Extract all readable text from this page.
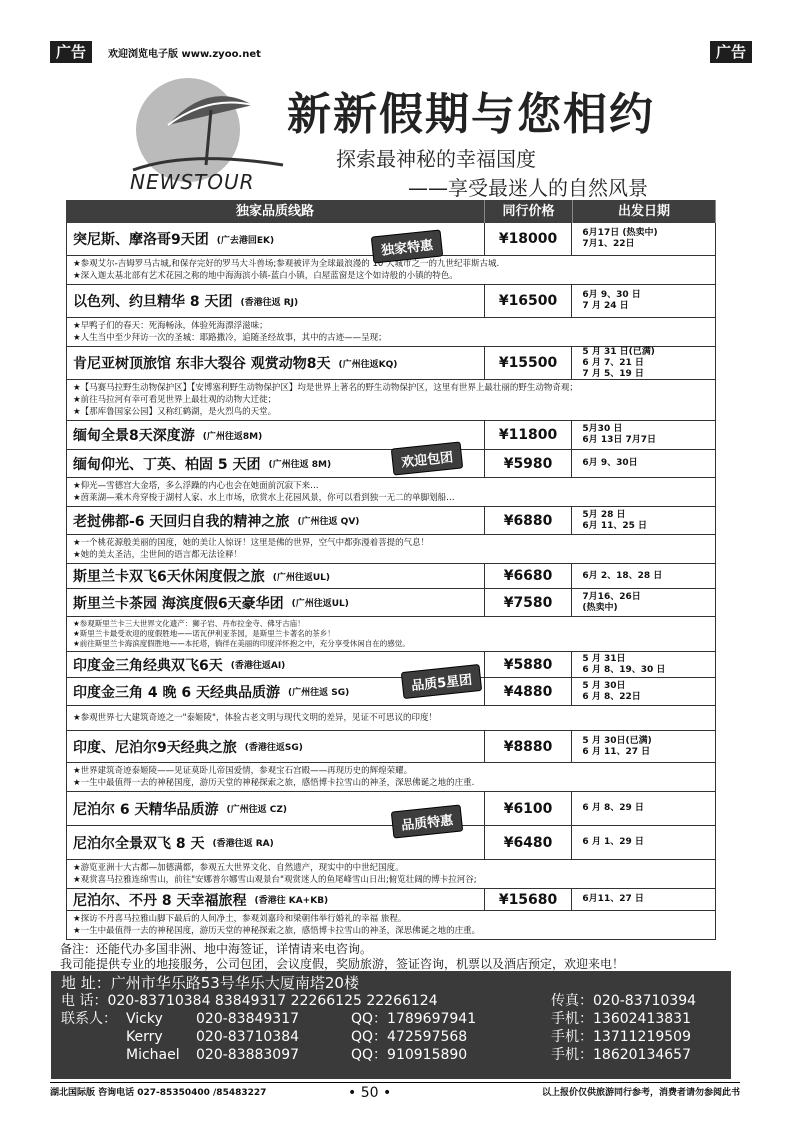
广告	欢迎浏览电子版 www.zyoo.net	广告
NEWSTOUR
新新假期与您相约
探索最神秘的幸福国度
——享受最迷人的自然风景
独家品质线路	同行价格	出发日期
突尼斯、摩洛哥9天团 (广去港回EK)	¥18000	6月17日 (热卖中)
7月1、22日
★参观艾尔-吉姆罗马古城,和保存完好的罗马大斗兽场;参观被评为全球最浪漫的 10 大城市之一的九世纪菲斯古城.
★深入迦太基北部有艺术花园之称的地中海海滨小镇-蓝白小镇，白屋蓝窗是这个如诗般的小镇的特色。
以色列、约旦精华 8 天团 (香港往返 RJ)	¥16500	6月 9、30 日
7 月 24 日
★早鸭子们的春天：死海畅泳，体验死海漂浮滋味；
★人生当中至少拜访一次的圣城：耶路撒冷，追随圣经故事，其中的古迹——呈现；
肯尼亚树顶旅馆 东非大裂谷 观赏动物8天 (广州往返KQ)	¥15500
5 月 31 日(已满)
6 月 7、21 日
7 月 5、19 日
★【马赛马拉野生动物保护区】【安博塞利野生动物保护区】均是世界上著名的野生动物保护区，这里有世界上最壮丽的野生动物奇观；
★前往马拉河有幸可看见世界上最壮观的动物大迁徙；
★【那库鲁国家公园】又称红鹤湖，是火烈鸟的天堂。
缅甸全景8天深度游 (广州往返8M)	¥11800	5月30 日
6月 13日 7月7日
缅甸仰光、丁英、柏固 5 天团 (广州往返 8M)	¥5980	6月 9、30日
★仰光—雪德宫大金塔，多么浮躁的内心也会在她面前沉寂下来…
★茵莱湖—乘木舟穿梭于湖村人家、水上市场，欣赏水上花园风景，你可以看到独一无二的单脚划船…
老挝佛都-6 天回归自我的精神之旅 (广州往返 QV)	¥6880	5月 28 日
6月 11、25 日
★一个桃花源般美丽的国度，她的美让人惊讶！这里是佛的世界，空气中都弥漫着菩提的气息！
★她的美太圣洁，尘世间的语言都无法诠释！
斯里兰卡双飞6天休闲度假之旅 (广州往返UL)	¥6680	6月 2、18、28 日
斯里兰卡茶园 海滨度假6天豪华团 (广州往返UL)	¥7580	7月16、26日
(热卖中)
★参观斯里兰卡三大世界文化遗产：狮子岩、丹布拉金寺、佛牙古庙！
★斯里兰卡最受欢迎的度假胜地——诺瓦伊利亚茶园，是斯里兰卡著名的茶乡！
★前往斯里兰卡海滨度假胜地——本托塔，徜徉在美丽的印度洋怀抱之中，充分享受休闲自在的感觉。
印度金三角经典双飞6天 (香港往返AI)	¥5880	5 月 31日
6 月 8、19、30 日
印度金三角 4 晚 6 天经典品质游 (广州往返 SG)	¥4880	5 月 30日
6 月 8、22日
★参观世界七大建筑奇迹之一"泰姬陵"，体验古老文明与现代文明的差异，见证不可思议的印度！
印度、尼泊尔9天经典之旅 (香港往返SG)	¥8880	5 月 30日(已满)
6 月 11、27 日
★世界建筑奇迹泰姬陵——见证莫卧儿帝国爱情，参观宝石宫殿——再现历史的辉煌荣耀。
★一生中最值得一去的神秘国度，游历天堂的神秘探索之旅，感悟博卡拉雪山的神圣，深思佛诞之地的庄重.
尼泊尔 6 天精华品质游 (广州往返 CZ)	¥6100	6 月 8、29 日
尼泊尔全景双飞 8 天 (香港往返 RA)	¥6480	6 月 1、29 日
★游览亚洲十大古都—加德满都，参观五大世界文化、自然遗产，现实中的中世纪国度。
★观赏喜马拉雅连绵雪山，前往"安娜普尔娜雪山观景台"观赏迷人的鱼尾峰雪山日出;俯览壮阔的博卡拉河谷;
尼泊尔、不丹 8 天幸福旅程 (香港往 KA+KB)	¥15680	6月11、27 日
★探访不丹喜马拉雅山脚下最后的人间净土，参观刘嘉玲和梁朝伟举行婚礼的幸福 旅程。
★一生中最值得一去的神秘国度，游历天堂的神秘探索之旅，感悟博卡拉雪山的神圣，深思佛诞之地的庄重。
独家特惠
欢迎包团
品质5星团
品质特惠
备注：还能代办多国非洲、地中海签证，详情请来电咨询。
我司能提供专业的地接服务，公司包团，会议度假，奖励旅游，签证咨询，机票以及酒店预定，欢迎来电！
地 址：广州市华乐路53号华乐大厦南塔20楼
电 话：020-83710384 83849317 22266125 22266124	传真：020-83710394
联系人： Vicky	020-83849317	QQ：1789697941	手机：13602413831
Kerry	020-83710384	QQ：472597568	手机：13711219509
Michael	020-83883097	QQ：910915890	手机：18620134657
湖北国际版 咨询电话 027-85350400 /85483227	• 50 •	以上报价仅供旅游同行参考，消费者请勿参阅此书
